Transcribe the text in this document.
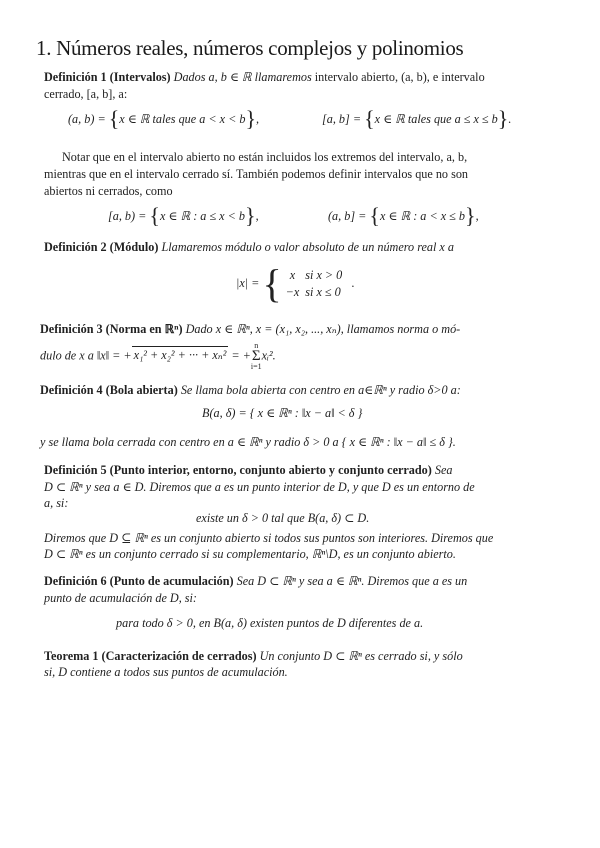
1. Números reales, números complejos y polinomios

Definición 1 (Intervalos) Dados a, b ∈ ℝ llamaremos intervalo abierto, (a, b), e intervalo

cerrado, [a, b], a:

(a, b) = {x ∈ ℝ tales que a < x < b},	[a, b] = {x ∈ ℝ tales que a ≤ x ≤ b}.

Notar que en el intervalo abierto no están incluidos los extremos del intervalo, a, b,

mientras que en el intervalo cerrado sí. También podemos definir intervalos que no son

abiertos ni cerrados, como

[a, b) = {x ∈ ℝ : a ≤ x < b},	(a, b] = {x ∈ ℝ : a < x ≤ b},

Definición 2 (Módulo) Llamaremos módulo o valor absoluto de un número real x a

|x| = { x	si x > 0
−x	si x ≤ 0
.

Definición 3 (Norma en ℝⁿ) Dado x ∈ ℝⁿ, x = (x₁, x₂, ..., xₙ), llamamos norma o mó-

dulo de x a ‖x‖ = + x₁² + x₂² + ··· + xₙ² = +
n
Σ
i=1
xᵢ².

Definición 4 (Bola abierta) Se llama bola abierta con centro en a∈ℝⁿ y radio δ>0 a:

B(a, δ) = { x ∈ ℝⁿ : ‖x − a‖ < δ }

y se llama bola cerrada con centro en a ∈ ℝⁿ y radio δ > 0 a { x ∈ ℝⁿ : ‖x − a‖ ≤ δ }.

Definición 5 (Punto interior, entorno, conjunto abierto y conjunto cerrado) Sea

D ⊂ ℝⁿ y sea a ∈ D. Diremos que a es un punto interior de D, y que D es un entorno de

a, si:

existe un δ > 0 tal que B(a, δ) ⊂ D.

Diremos que D ⊆ ℝⁿ es un conjunto abierto si todos sus puntos son interiores. Diremos que

D ⊂ ℝⁿ es un conjunto cerrado si su complementario, ℝⁿ\D, es un conjunto abierto.

Definición 6 (Punto de acumulación) Sea D ⊂ ℝⁿ y sea a ∈ ℝⁿ. Diremos que a es un

punto de acumulación de D, si:

para todo δ > 0, en B(a, δ) existen puntos de D diferentes de a.

Teorema 1 (Caracterización de cerrados) Un conjunto D ⊂ ℝⁿ es cerrado si, y sólo

si, D contiene a todos sus puntos de acumulación.
